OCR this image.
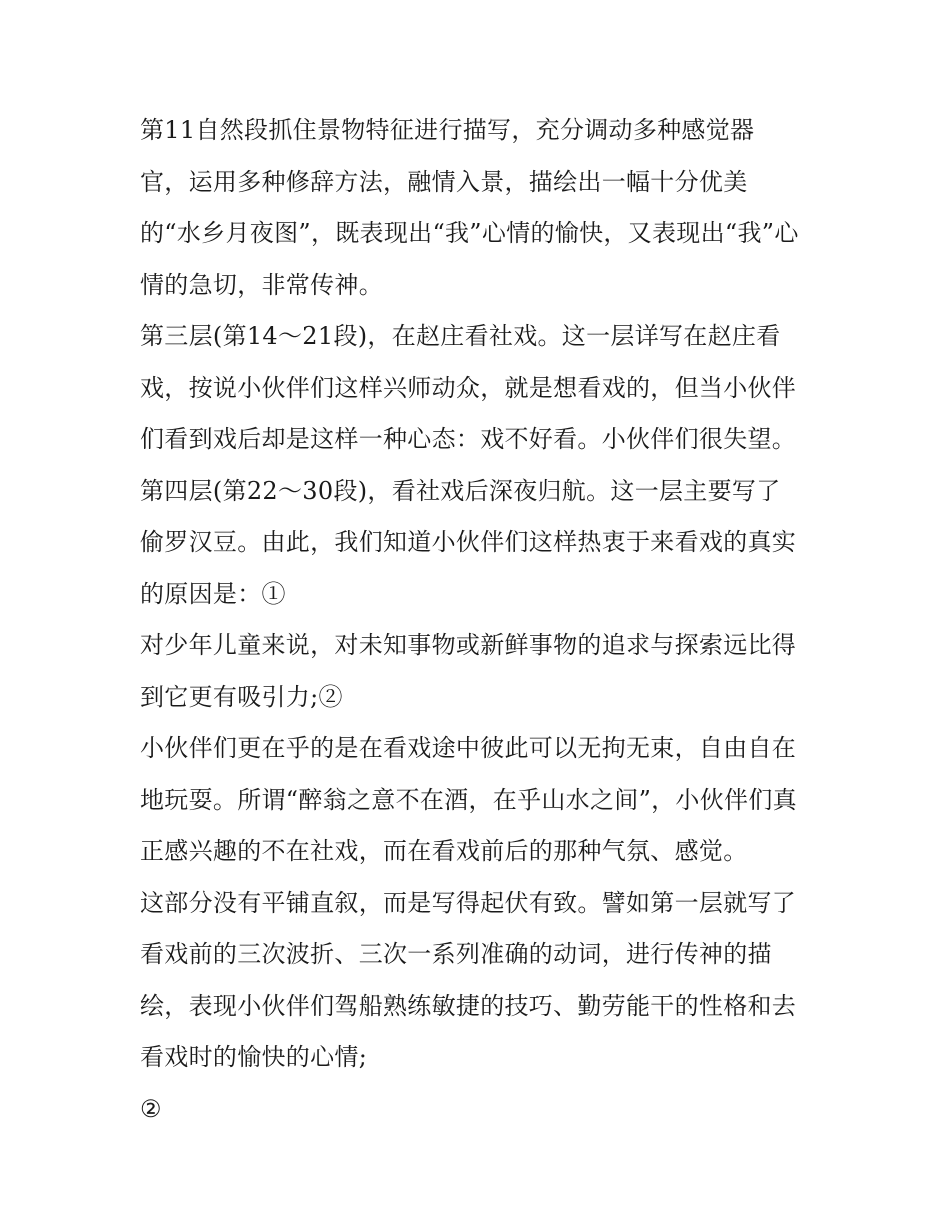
第11自然段抓住景物特征进行描写，充分调动多种感觉器
官，运用多种修辞方法，融情入景，描绘出一幅十分优美
的“水乡月夜图”，既表现出“我”心情的愉快，又表现出“我”心
情的急切，非常传神。
第三层(第14～21段)，在赵庄看社戏。这一层详写在赵庄看
戏，按说小伙伴们这样兴师动众，就是想看戏的，但当小伙伴
们看到戏后却是这样一种心态：戏不好看。小伙伴们很失望。
第四层(第22～30段)，看社戏后深夜归航。这一层主要写了
偷罗汉豆。由此，我们知道小伙伴们这样热衷于来看戏的真实
的原因是：①
对少年儿童来说，对未知事物或新鲜事物的追求与探索远比得
到它更有吸引力;②
小伙伴们更在乎的是在看戏途中彼此可以无拘无束，自由自在
地玩耍。所谓“醉翁之意不在酒，在乎山水之间”，小伙伴们真
正感兴趣的不在社戏，而在看戏前后的那种气氛、感觉。
这部分没有平铺直叙，而是写得起伏有致。譬如第一层就写了
看戏前的三次波折、三次一系列准确的动词，进行传神的描
绘，表现小伙伴们驾船熟练敏捷的技巧、勤劳能干的性格和去
看戏时的愉快的心情;
②
